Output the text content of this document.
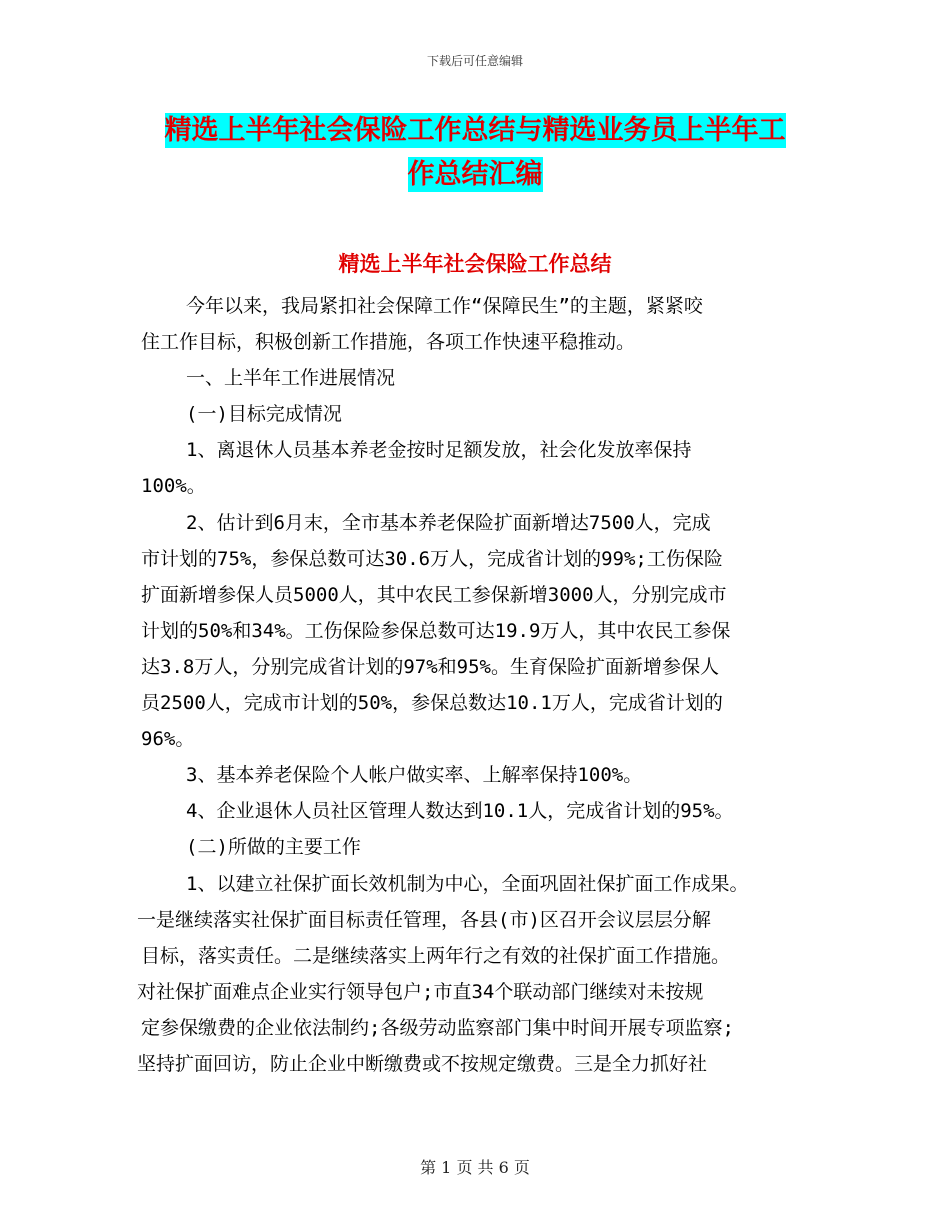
下载后可任意编辑
精选上半年社会保险工作总结与精选业务员上半年工
作总结汇编
精选上半年社会保险工作总结
今年以来，我局紧扣社会保障工作“保障民生”的主题，紧紧咬
住工作目标，积极创新工作措施，各项工作快速平稳推动。
一、上半年工作进展情况
(一)目标完成情况
1、离退休人员基本养老金按时足额发放，社会化发放率保持
100%。
2、估计到6月末，全市基本养老保险扩面新增达7500人，完成
市计划的75%，参保总数可达30.6万人，完成省计划的99%;工伤保险
扩面新增参保人员5000人，其中农民工参保新增3000人，分别完成市
计划的50%和34%。工伤保险参保总数可达19.9万人，其中农民工参保
达3.8万人，分别完成省计划的97%和95%。生育保险扩面新增参保人
员2500人，完成市计划的50%，参保总数达10.1万人，完成省计划的
96%。
3、基本养老保险个人帐户做实率、上解率保持100%。
4、企业退休人员社区管理人数达到10.1人，完成省计划的95%。
(二)所做的主要工作
1、以建立社保扩面长效机制为中心，全面巩固社保扩面工作成果。
一是继续落实社保扩面目标责任管理，各县(市)区召开会议层层分解
目标，落实责任。二是继续落实上两年行之有效的社保扩面工作措施。
对社保扩面难点企业实行领导包户;市直34个联动部门继续对未按规
定参保缴费的企业依法制约;各级劳动监察部门集中时间开展专项监察;
坚持扩面回访，防止企业中断缴费或不按规定缴费。三是全力抓好社
第 1 页 共 6 页
